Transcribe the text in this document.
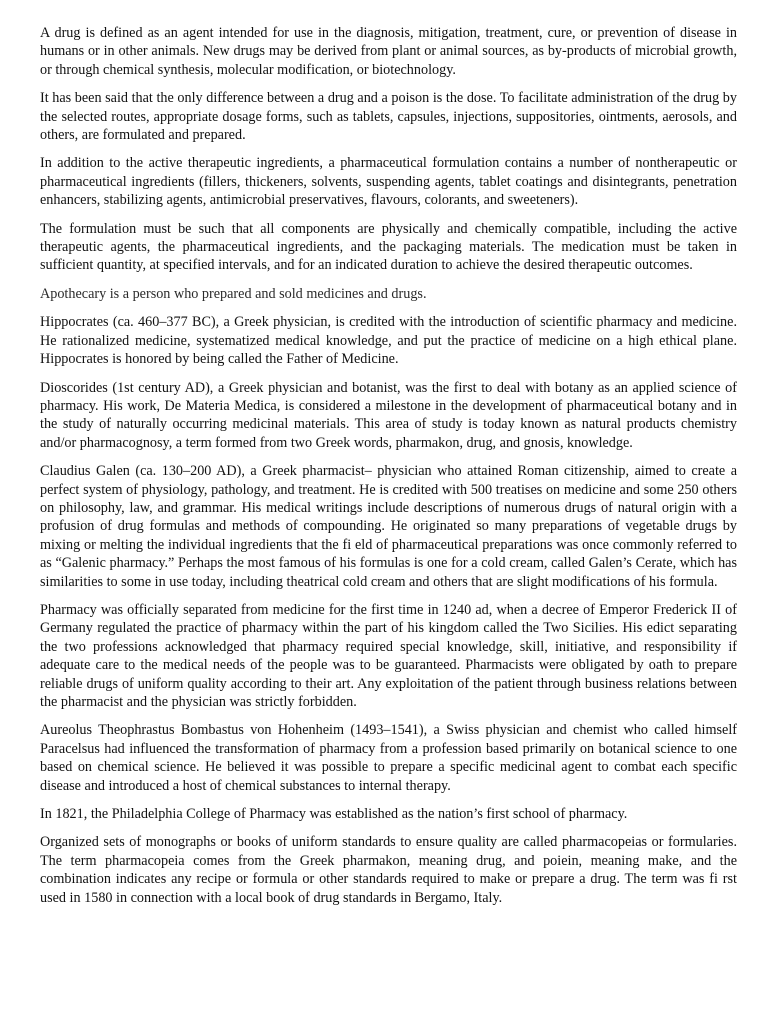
A drug is defined as an agent intended for use in the diagnosis, mitigation, treatment, cure, or prevention of disease in humans or in other animals. New drugs may be derived from plant or animal sources, as by-products of microbial growth, or through chemical synthesis, molecular modification, or biotechnology.

It has been said that the only difference between a drug and a poison is the dose. To facilitate administration of the drug by the selected routes, appropriate dosage forms, such as tablets, capsules, injections, suppositories, ointments, aerosols, and others, are formulated and prepared.

In addition to the active therapeutic ingredients, a pharmaceutical formulation contains a number of nontherapeutic or pharmaceutical ingredients (fillers, thickeners, solvents, suspending agents, tablet coatings and disintegrants, penetration enhancers, stabilizing agents, antimicrobial preservatives, flavours, colorants, and sweeteners).

The formulation must be such that all components are physically and chemically compatible, including the active therapeutic agents, the pharmaceutical ingredients, and the packaging materials. The medication must be taken in sufficient quantity, at specified intervals, and for an indicated duration to achieve the desired therapeutic outcomes.

Apothecary is a person who prepared and sold medicines and drugs.

Hippocrates (ca. 460–377 BC), a Greek physician, is credited with the introduction of scientific pharmacy and medicine. He rationalized medicine, systematized medical knowledge, and put the practice of medicine on a high ethical plane. Hippocrates is honored by being called the Father of Medicine.

Dioscorides (1st century AD), a Greek physician and botanist, was the first to deal with botany as an applied science of pharmacy. His work, De Materia Medica, is considered a milestone in the development of pharmaceutical botany and in the study of naturally occurring medicinal materials. This area of study is today known as natural products chemistry and/or pharmacognosy, a term formed from two Greek words, pharmakon, drug, and gnosis, knowledge.

Claudius Galen (ca. 130–200 AD), a Greek pharmacist– physician who attained Roman citizenship, aimed to create a perfect system of physiology, pathology, and treatment. He is credited with 500 treatises on medicine and some 250 others on philosophy, law, and grammar. His medical writings include descriptions of numerous drugs of natural origin with a profusion of drug formulas and methods of compounding. He originated so many preparations of vegetable drugs by mixing or melting the individual ingredients that the fi eld of pharmaceutical preparations was once commonly referred to as “Galenic pharmacy.” Perhaps the most famous of his formulas is one for a cold cream, called Galen’s Cerate, which has similarities to some in use today, including theatrical cold cream and others that are slight modifications of his formula.

Pharmacy was officially separated from medicine for the first time in 1240 ad, when a decree of Emperor Frederick II of Germany regulated the practice of pharmacy within the part of his kingdom called the Two Sicilies. His edict separating the two professions acknowledged that pharmacy required special knowledge, skill, initiative, and responsibility if adequate care to the medical needs of the people was to be guaranteed. Pharmacists were obligated by oath to prepare reliable drugs of uniform quality according to their art. Any exploitation of the patient through business relations between the pharmacist and the physician was strictly forbidden.

Aureolus Theophrastus Bombastus von Hohenheim (1493–1541), a Swiss physician and chemist who called himself Paracelsus had influenced the transformation of pharmacy from a profession based primarily on botanical science to one based on chemical science. He believed it was possible to prepare a specific medicinal agent to combat each specific disease and introduced a host of chemical substances to internal therapy.

In 1821, the Philadelphia College of Pharmacy was established as the nation’s first school of pharmacy.

Organized sets of monographs or books of uniform standards to ensure quality are called pharmacopeias or formularies. The term pharmacopeia comes from the Greek pharmakon, meaning drug, and poiein, meaning make, and the combination indicates any recipe or formula or other standards required to make or prepare a drug. The term was fi rst used in 1580 in connection with a local book of drug standards in Bergamo, Italy.
